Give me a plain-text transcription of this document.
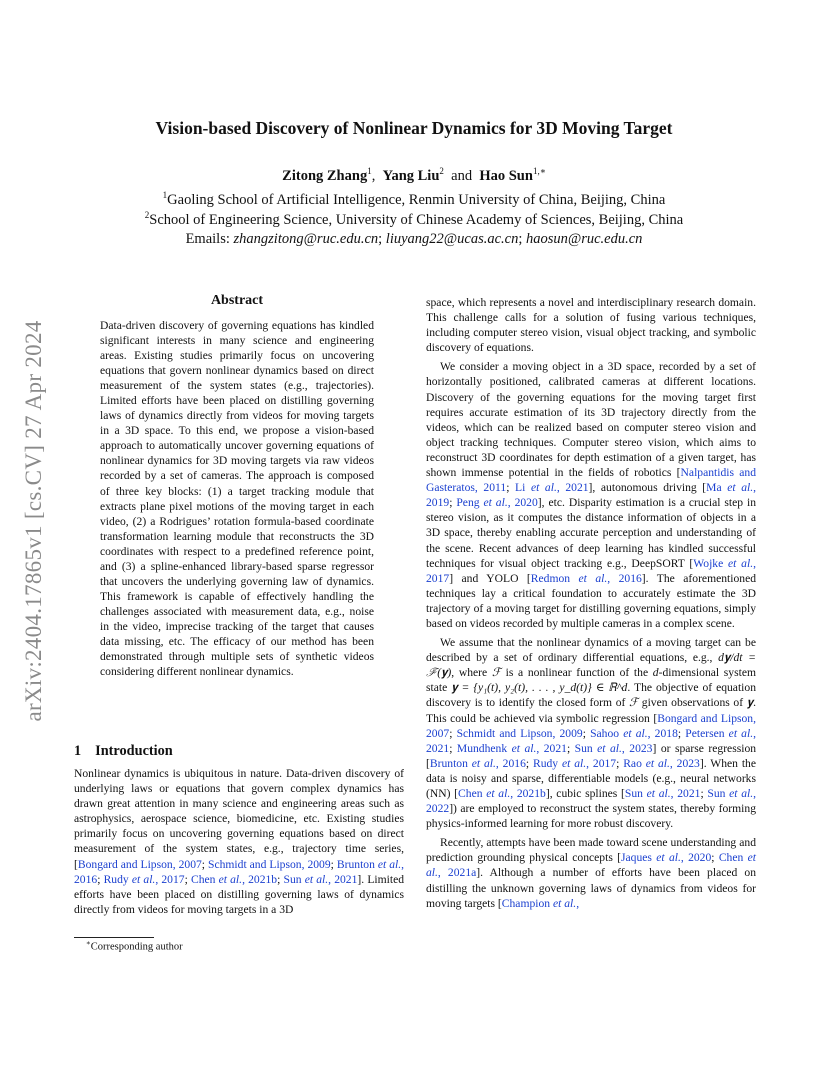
arXiv:2404.17865v1 [cs.CV] 27 Apr 2024
Vision-based Discovery of Nonlinear Dynamics for 3D Moving Target
Zitong Zhang$^1$, Yang Liu$^2$ and Hao Sun$^{1,∗}$
$^1$Gaoling School of Artificial Intelligence, Renmin University of China, Beijing, China
$^2$School of Engineering Science, University of Chinese Academy of Sciences, Beijing, China
Emails: zhangzitong@ruc.edu.cn; liuyang22@ucas.ac.cn; haosun@ruc.edu.cn
Abstract

Data-driven discovery of governing equations has kindled significant interests in many science and engineering areas. Existing studies primarily focus on uncovering equations that govern nonlinear dynamics based on direct measurement of the system states (e.g., trajectories). Limited efforts have been placed on distilling governing laws of dynamics directly from videos for moving targets in a 3D space. To this end, we propose a vision-based approach to automatically uncover governing equations of nonlinear dynamics for 3D moving targets via raw videos recorded by a set of cameras. The approach is composed of three key blocks: (1) a target tracking module that extracts plane pixel motions of the moving target in each video, (2) a Rodrigues’ rotation formula-based coordinate transformation learning module that reconstructs the 3D coordinates with respect to a predefined reference point, and (3) a spline-enhanced library-based sparse regressor that uncovers the underlying governing law of dynamics. This framework is capable of effectively handling the challenges associated with measurement data, e.g., noise in the video, imprecise tracking of the target that causes data missing, etc. The efficacy of our method has been demonstrated through multiple sets of synthetic videos considering different nonlinear dynamics.

1 Introduction

Nonlinear dynamics is ubiquitous in nature. Data-driven discovery of underlying laws or equations that govern complex dynamics has drawn great attention in many science and engineering areas such as astrophysics, aerospace science, biomedicine, etc. Existing studies primarily focus on uncovering governing equations based on direct measurement of the system states, e.g., trajectory time series, [Bongard and Lipson, 2007; Schmidt and Lipson, 2009; Brunton et al., 2016; Rudy et al., 2017; Chen et al., 2021b; Sun et al., 2021]. Limited efforts have been placed on distilling governing laws of dynamics directly from videos for moving targets in a 3D

∗Corresponding author

space, which represents a novel and interdisciplinary research domain. This challenge calls for a solution of fusing various techniques, including computer stereo vision, visual object tracking, and symbolic discovery of equations.

We consider a moving object in a 3D space, recorded by a set of horizontally positioned, calibrated cameras at different locations. Discovery of the governing equations for the moving target first requires accurate estimation of its 3D trajectory directly from the videos, which can be realized based on computer stereo vision and object tracking techniques. Computer stereo vision, which aims to reconstruct 3D coordinates for depth estimation of a given target, has shown immense potential in the fields of robotics [Nalpantidis and Gasteratos, 2011; Li et al., 2021], autonomous driving [Ma et al., 2019; Peng et al., 2020], etc. Disparity estimation is a crucial step in stereo vision, as it computes the distance information of objects in a 3D space, thereby enabling accurate perception and understanding of the scene. Recent advances of deep learning has kindled successful techniques for visual object tracking e.g., DeepSORT [Wojke et al., 2017] and YOLO [Redmon et al., 2016]. The aforementioned techniques lay a critical foundation to accurately estimate the 3D trajectory of a moving target for distilling governing equations, simply based on videos recorded by multiple cameras in a complex scene.

We assume that the nonlinear dynamics of a moving target can be described by a set of ordinary differential equations, e.g., d𝐲/dt = ℱ(𝐲), where ℱ is a nonlinear function of the d-dimensional system state 𝐲 = {y₁(t), y₂(t), . . . , y_d(t)} ∈ ℝ^d. The objective of equation discovery is to identify the closed form of ℱ given observations of 𝐲. This could be achieved via symbolic regression [Bongard and Lipson, 2007; Schmidt and Lipson, 2009; Sahoo et al., 2018; Petersen et al., 2021; Mundhenk et al., 2021; Sun et al., 2023] or sparse regression [Brunton et al., 2016; Rudy et al., 2017; Rao et al., 2023]. When the data is noisy and sparse, differentiable models (e.g., neural networks (NN) [Chen et al., 2021b], cubic splines [Sun et al., 2021; Sun et al., 2022]) are employed to reconstruct the system states, thereby forming physics-informed learning for more robust discovery.

Recently, attempts have been made toward scene understanding and prediction grounding physical concepts [Jaques et al., 2020; Chen et al., 2021a]. Although a number of efforts have been placed on distilling the unknown governing laws of dynamics from videos for moving targets [Champion et al.,
